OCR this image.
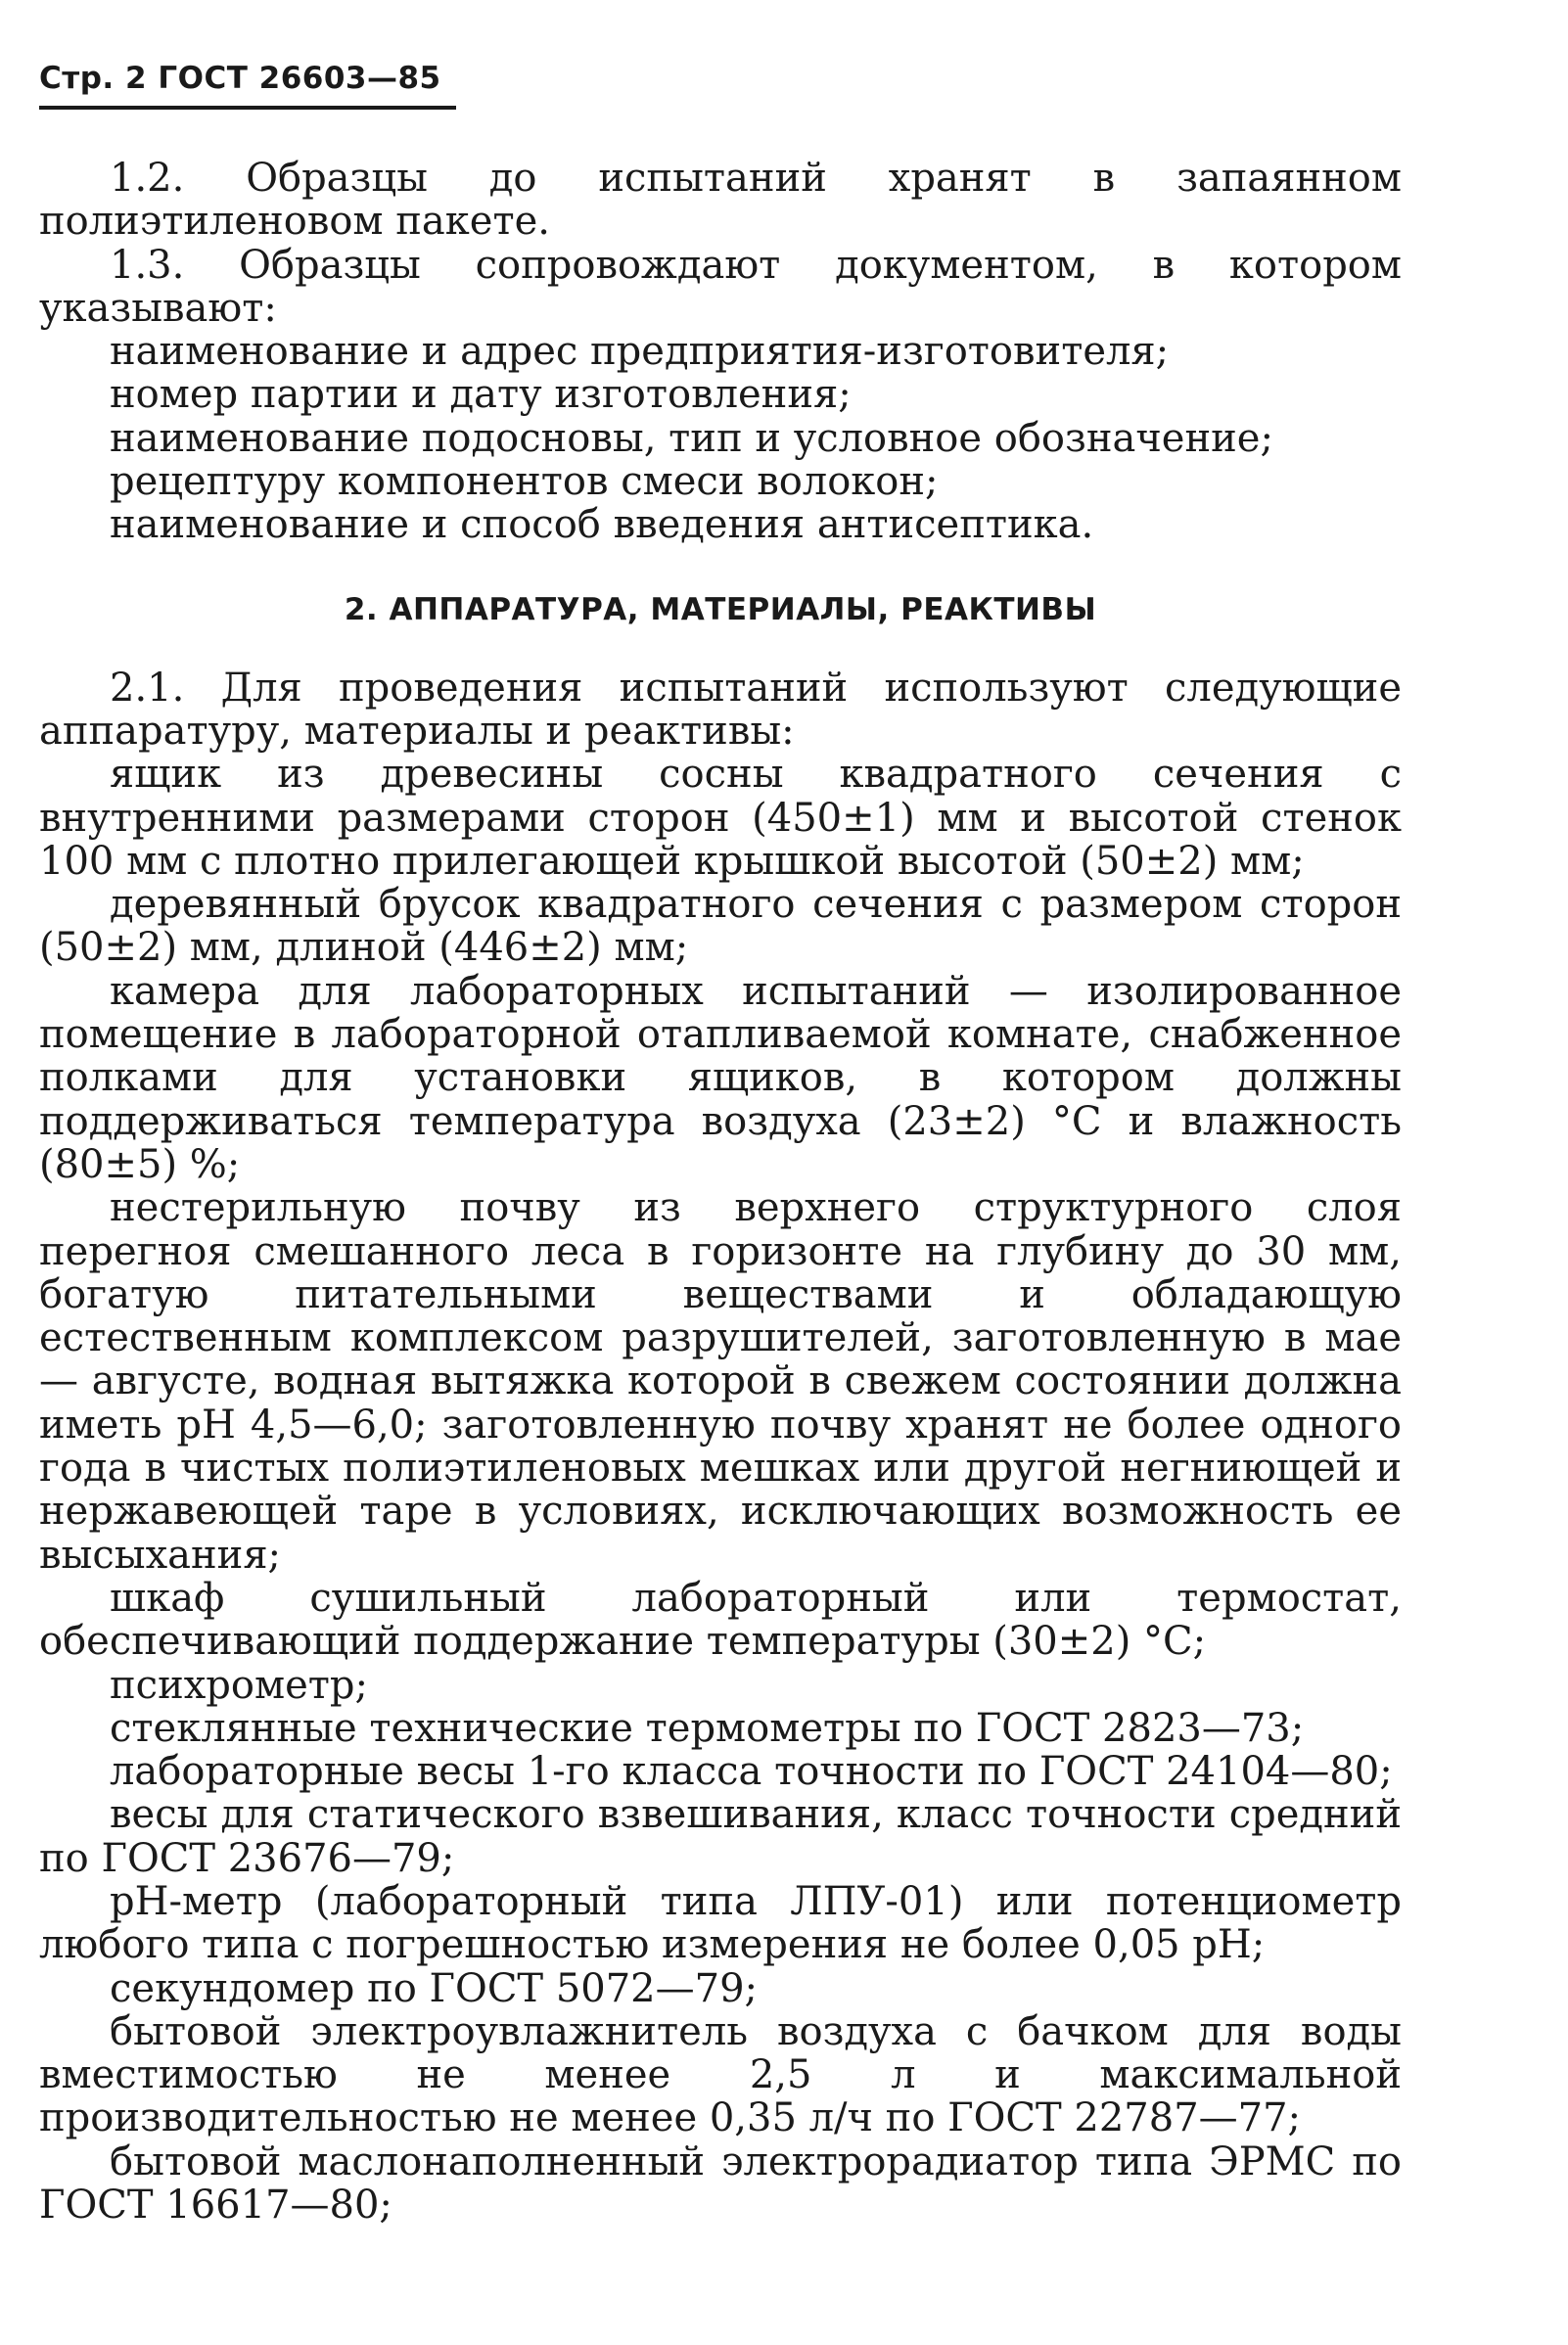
Стр. 2 ГОСТ 26603—85

1.2. Образцы до испытаний хранят в запаянном полиэтиленовом пакете.

1.3. Образцы сопровождают документом, в котором указывают:

наименование и адрес предприятия-изготовителя;

номер партии и дату изготовления;

наименование подосновы, тип и условное обозначение;

рецептуру компонентов смеси волокон;

наименование и способ введения антисептика.

2. АППАРАТУРА, МАТЕРИАЛЫ, РЕАКТИВЫ

2.1. Для проведения испытаний используют следующие аппаратуру, материалы и реактивы:

ящик из древесины сосны квадратного сечения с внутренними размерами сторон (450±1) мм и высотой стенок 100 мм с плотно прилегающей крышкой высотой (50±2) мм;

деревянный брусок квадратного сечения с размером сторон (50±2) мм, длиной (446±2) мм;

камера для лабораторных испытаний — изолированное помещение в лабораторной отапливаемой комнате, снабженное полками для установки ящиков, в котором должны поддерживаться температура воздуха (23±2) °С и влажность (80±5) %;

нестерильную почву из верхнего структурного слоя перегноя смешанного леса в горизонте на глубину до 30 мм, богатую питательными веществами и обладающую естественным комплексом разрушителей, заготовленную в мае — августе, водная вытяжка которой в свежем состоянии должна иметь рН 4,5—6,0; заготовленную почву хранят не более одного года в чистых полиэтиленовых мешках или другой негниющей и нержавеющей таре в условиях, исключающих возможность ее высыхания;

шкаф сушильный лабораторный или термостат, обеспечивающий поддержание температуры (30±2) °С;

психрометр;

стеклянные технические термометры по ГОСТ 2823—73;

лабораторные весы 1-го класса точности по ГОСТ 24104—80;

весы для статического взвешивания, класс точности средний по ГОСТ 23676—79;

рН-метр (лабораторный типа ЛПУ-01) или потенциометр любого типа с погрешностью измерения не более 0,05 рН;

секундомер по ГОСТ 5072—79;

бытовой электроувлажнитель воздуха с бачком для воды вместимостью не менее 2,5 л и максимальной производительностью не менее 0,35 л/ч по ГОСТ 22787—77;

бытовой маслонаполненный электрорадиатор типа ЭРМС по ГОСТ 16617—80;
